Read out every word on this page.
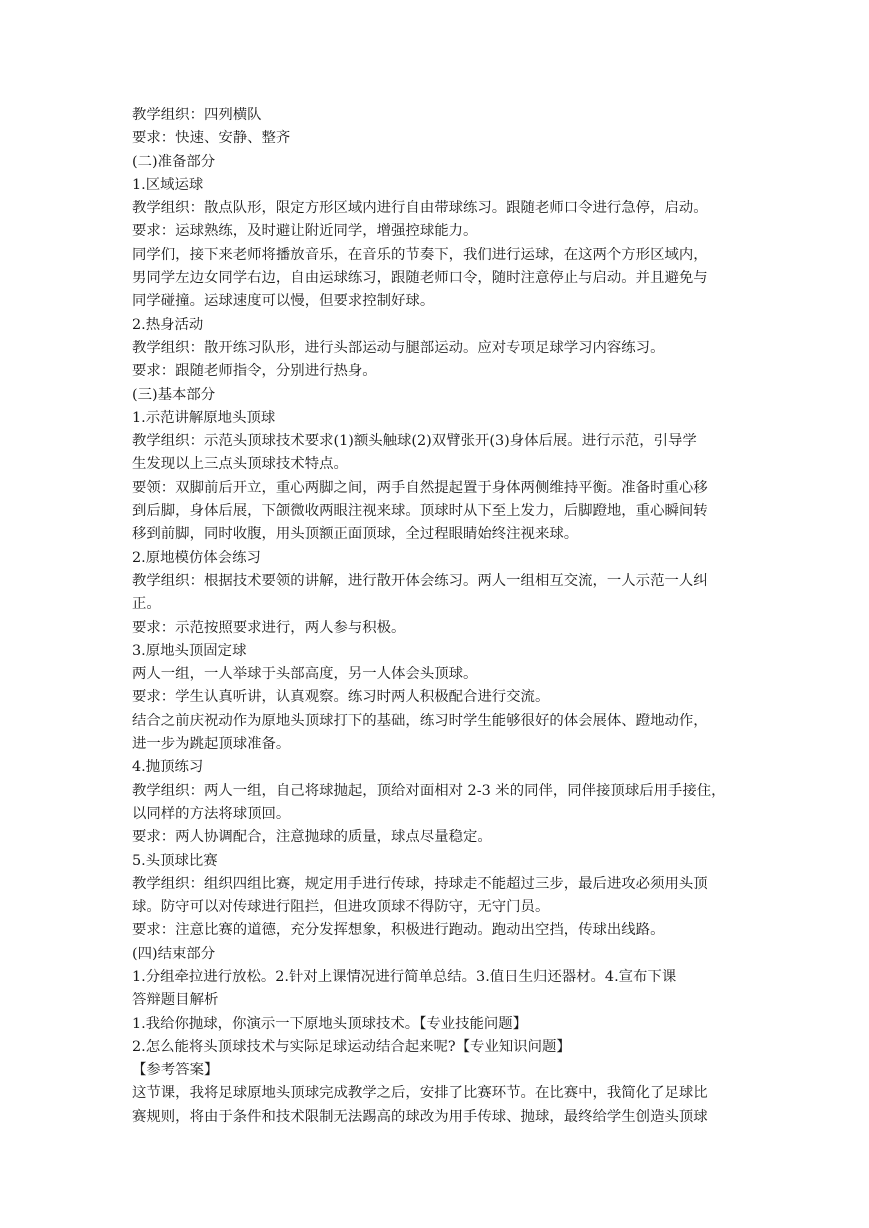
教学组织：四列横队
要求：快速、安静、整齐
(二)准备部分
1.区域运球
教学组织：散点队形，限定方形区域内进行自由带球练习。跟随老师口令进行急停，启动。
要求：运球熟练，及时避让附近同学，增强控球能力。
同学们，接下来老师将播放音乐，在音乐的节奏下，我们进行运球，在这两个方形区域内，
男同学左边女同学右边，自由运球练习，跟随老师口令，随时注意停止与启动。并且避免与
同学碰撞。运球速度可以慢，但要求控制好球。
2.热身活动
教学组织：散开练习队形，进行头部运动与腿部运动。应对专项足球学习内容练习。
要求：跟随老师指令，分别进行热身。
(三)基本部分
1.示范讲解原地头顶球
教学组织：示范头顶球技术要求(1)额头触球(2)双臂张开(3)身体后展。进行示范，引导学
生发现以上三点头顶球技术特点。
要领：双脚前后开立，重心两脚之间，两手自然提起置于身体两侧维持平衡。准备时重心移
到后脚，身体后展，下颌微收两眼注视来球。顶球时从下至上发力，后脚蹬地，重心瞬间转
移到前脚，同时收腹，用头顶额正面顶球，全过程眼睛始终注视来球。
2.原地模仿体会练习
教学组织：根据技术要领的讲解，进行散开体会练习。两人一组相互交流，一人示范一人纠
正。
要求：示范按照要求进行，两人参与积极。
3.原地头顶固定球
两人一组，一人举球于头部高度，另一人体会头顶球。
要求：学生认真听讲，认真观察。练习时两人积极配合进行交流。
结合之前庆祝动作为原地头顶球打下的基础，练习时学生能够很好的体会展体、蹬地动作，
进一步为跳起顶球准备。
4.抛顶练习
教学组织：两人一组，自己将球抛起，顶给对面相对 2-3 米的同伴，同伴接顶球后用手接住，
以同样的方法将球顶回。
要求：两人协调配合，注意抛球的质量，球点尽量稳定。
5.头顶球比赛
教学组织：组织四组比赛，规定用手进行传球，持球走不能超过三步，最后进攻必须用头顶
球。防守可以对传球进行阻拦，但进攻顶球不得防守，无守门员。
要求：注意比赛的道德，充分发挥想象，积极进行跑动。跑动出空挡，传球出线路。
(四)结束部分
1.分组牵拉进行放松。2.针对上课情况进行简单总结。3.值日生归还器材。4.宣布下课
答辩题目解析
1.我给你抛球，你演示一下原地头顶球技术。【专业技能问题】
2.怎么能将头顶球技术与实际足球运动结合起来呢?【专业知识问题】
【参考答案】
这节课，我将足球原地头顶球完成教学之后，安排了比赛环节。在比赛中，我简化了足球比
赛规则，将由于条件和技术限制无法踢高的球改为用手传球、抛球，最终给学生创造头顶球
